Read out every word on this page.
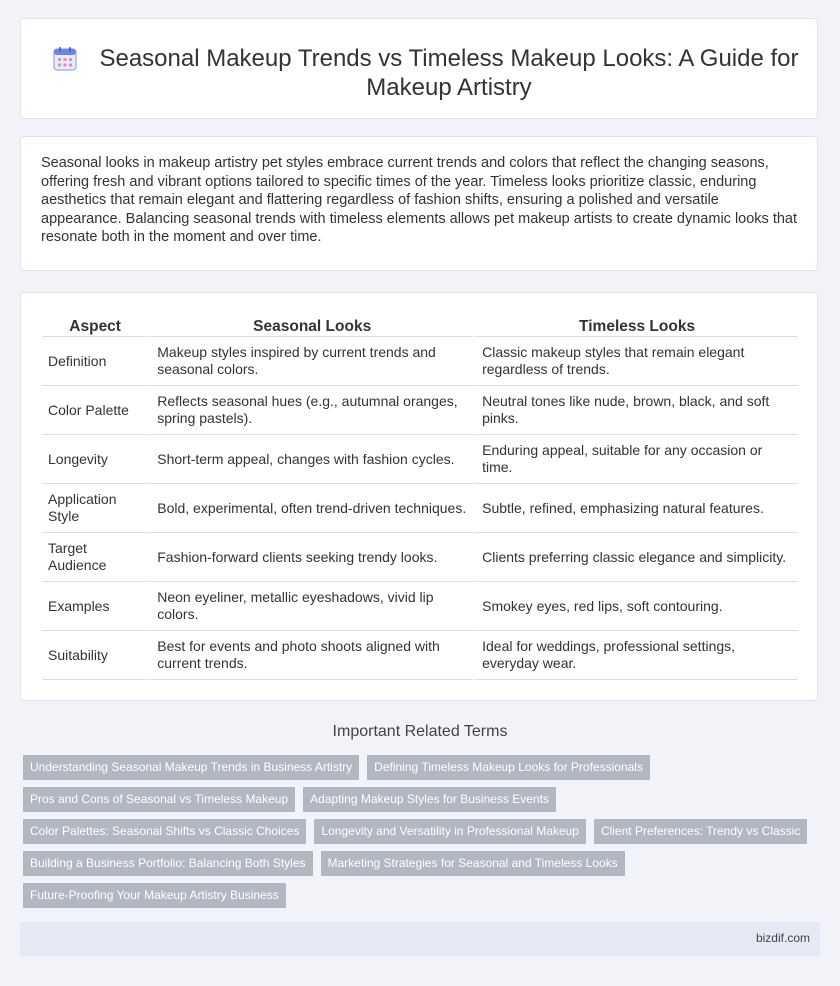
Seasonal Makeup Trends vs Timeless Makeup Looks: A Guide for Makeup Artistry

Seasonal looks in makeup artistry pet styles embrace current trends and colors that reflect the changing seasons, offering fresh and vibrant options tailored to specific times of the year. Timeless looks prioritize classic, enduring aesthetics that remain elegant and flattering regardless of fashion shifts, ensuring a polished and versatile appearance. Balancing seasonal trends with timeless elements allows pet makeup artists to create dynamic looks that resonate both in the moment and over time.

Aspect	Seasonal Looks	Timeless Looks
Definition	Makeup styles inspired by current trends and seasonal colors.	Classic makeup styles that remain elegant regardless of trends.
Color Palette	Reflects seasonal hues (e.g., autumnal oranges, spring pastels).	Neutral tones like nude, brown, black, and soft pinks.
Longevity	Short-term appeal, changes with fashion cycles.	Enduring appeal, suitable for any occasion or time.
Application Style	Bold, experimental, often trend-driven techniques.	Subtle, refined, emphasizing natural features.
Target Audience	Fashion-forward clients seeking trendy looks.	Clients preferring classic elegance and simplicity.
Examples	Neon eyeliner, metallic eyeshadows, vivid lip colors.	Smokey eyes, red lips, soft contouring.
Suitability	Best for events and photo shoots aligned with current trends.	Ideal for weddings, professional settings, everyday wear.
Important Related Terms
Understanding Seasonal Makeup Trends in Business Artistry	Defining Timeless Makeup Looks for Professionals
Pros and Cons of Seasonal vs Timeless Makeup	Adapting Makeup Styles for Business Events
Color Palettes: Seasonal Shifts vs Classic Choices	Longevity and Versatility in Professional Makeup	Client Preferences: Trendy vs Classic
Building a Business Portfolio: Balancing Both Styles	Marketing Strategies for Seasonal and Timeless Looks
Future-Proofing Your Makeup Artistry Business
bizdif.com
